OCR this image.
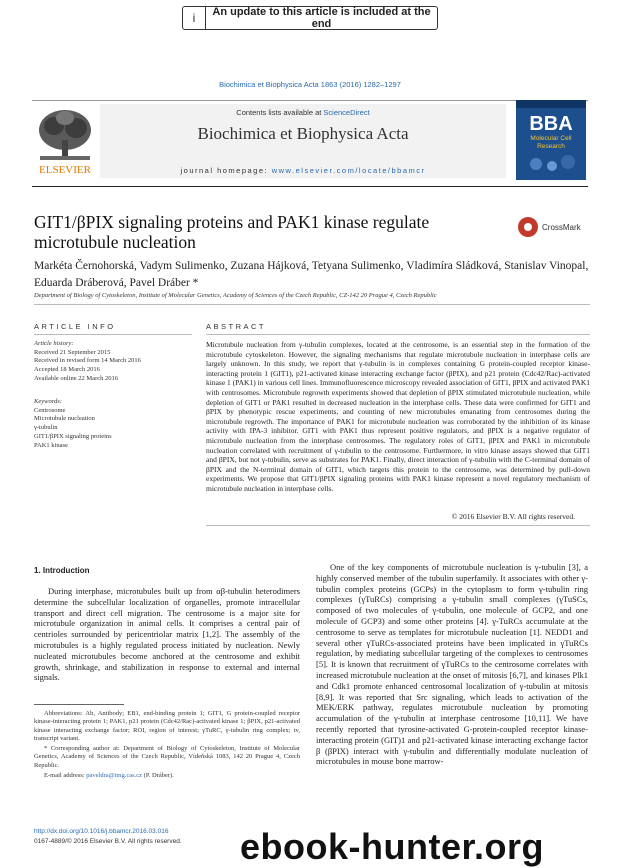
i	An update to this article is included at the end
Biochimica et Biophysica Acta 1863 (2016) 1282–1297
Contents lists available at ScienceDirect
Biochimica et Biophysica Acta
journal homepage: www.elsevier.com/locate/bbamcr
ELSEVIER
BBA
Molecular Cell
Research
GIT1/βPIX signaling proteins and PAK1 kinase regulate microtubule nucleation
CrossMark
Markéta Černohorská, Vadym Sulimenko, Zuzana Hájková, Tetyana Sulimenko, Vladimíra Sládková, Stanislav Vinopal, Eduarda Dráberová, Pavel Dráber *
Department of Biology of Cytoskeleton, Institute of Molecular Genetics, Academy of Sciences of the Czech Republic, CZ-142 20 Prague 4, Czech Republic
ARTICLE INFO	ABSTRACT
Article history:
Received 21 September 2015
Received in revised form 14 March 2016
Accepted 18 March 2016
Available online 22 March 2016
Keywords:
Centrosome
Microtubule nucleation
γ-tubulin
GIT1/βPIX signaling proteins
PAK1 kinase
Microtubule nucleation from γ-tubulin complexes, located at the centrosome, is an essential step in the formation of the microtubule cytoskeleton. However, the signaling mechanisms that regulate microtubule nucleation in interphase cells are largely unknown. In this study, we report that γ-tubulin is in complexes containing G protein-coupled receptor kinase-interacting protein 1 (GIT1), p21-activated kinase interacting exchange factor (βPIX), and p21 protein (Cdc42/Rac)-activated kinase 1 (PAK1) in various cell lines. Immunofluorescence microscopy revealed association of GIT1, βPIX and activated PAK1 with centrosomes. Microtubule regrowth experiments showed that depletion of βPIX stimulated microtubule nucleation, while depletion of GIT1 or PAK1 resulted in decreased nucleation in the interphase cells. These data were confirmed for GIT1 and βPIX by phenotypic rescue experiments, and counting of new microtubules emanating from centrosomes during the microtubule regrowth. The importance of PAK1 for microtubule nucleation was corroborated by the inhibition of its kinase activity with IPA-3 inhibitor. GIT1 with PAK1 thus represent positive regulators, and βPIX is a negative regulator of microtubule nucleation from the interphase centrosomes. The regulatory roles of GIT1, βPIX and PAK1 in microtubule nucleation correlated with recruitment of γ-tubulin to the centrosome. Furthermore, in vitro kinase assays showed that GIT1 and βPIX, but not γ-tubulin, serve as substrates for PAK1. Finally, direct interaction of γ-tubulin with the C-terminal domain of βPIX and the N-terminal domain of GIT1, which targets this protein to the centrosome, was determined by pull-down experiments. We propose that GIT1/βPIX signaling proteins with PAK1 kinase represent a novel regulatory mechanism of microtubule nucleation in interphase cells.
© 2016 Elsevier B.V. All rights reserved.
1. Introduction
During interphase, microtubules built up from αβ-tubulin heterodimers determine the subcellular localization of organelles, promote intracellular transport and direct cell migration. The centrosome is a major site for microtubule organization in animal cells. It comprises a central pair of centrioles surrounded by pericentriolar matrix [1,2]. The assembly of the microtubules is a highly regulated process initiated by nucleation. Newly nucleated microtubules become anchored at the centrosome and exhibit growth, shrinkage, and stabilization in response to external and internal signals.
One of the key components of microtubule nucleation is γ-tubulin [3], a highly conserved member of the tubulin superfamily. It associates with other γ-tubulin complex proteins (GCPs) in the cytoplasm to form γ-tubulin ring complexes (γTuRCs) comprising a γ-tubulin small complexes (γTuSCs, composed of two molecules of γ-tubulin, one molecule of GCP2, and one molecule of GCP3) and some other proteins [4]. γ-TuRCs accumulate at the centrosome to serve as templates for microtubule nucleation [1]. NEDD1 and several other γTuRCs-associated proteins have been implicated in γTuRCs regulation, by mediating subcellular targeting of the complexes to centrosomes [5]. It is known that recruitment of γTuRCs to the centrosome correlates with increased microtubule nucleation at the onset of mitosis [6,7], and kinases Plk1 and Cdk1 promote enhanced centrosomal localization of γ-tubulin at mitosis [8,9]. It was reported that Src signaling, which leads to activation of the MEK/ERK pathway, regulates microtubule nucleation by promoting accumulation of the γ-tubulin at interphase centrosome [10,11]. We have recently reported that tyrosine-activated G-protein-coupled receptor kinase-interacting protein (GIT)1 and p21-activated kinase interacting exchange factor β (βPIX) interact with γ-tubulin and differentially modulate nucleation of microtubules in mouse bone marrow-

Abbreviations: Ab, Antibody; EB1, end-binding protein 1; GIT1, G protein-coupled receptor kinase-interacting protein 1; PAK1, p21 protein (Cdc42/Rac)-activated kinase 1; βPIX, p21-activated kinase interacting exchange factor; ROI, region of interest; γTuRC, γ-tubulin ring complex; tv, transcript variant.

* Corresponding author at: Department of Biology of Cytoskeleton, Institute of Molecular Genetics, Academy of Sciences of the Czech Republic, Vídeňská 1083, 142 20 Prague 4, Czech Republic.

E-mail address: paveldra@img.cas.cz (P. Dráber).

http://dx.doi.org/10.1016/j.bbamcr.2016.03.016
0167-4889/© 2016 Elsevier B.V. All rights reserved. ebook-hunter.org
